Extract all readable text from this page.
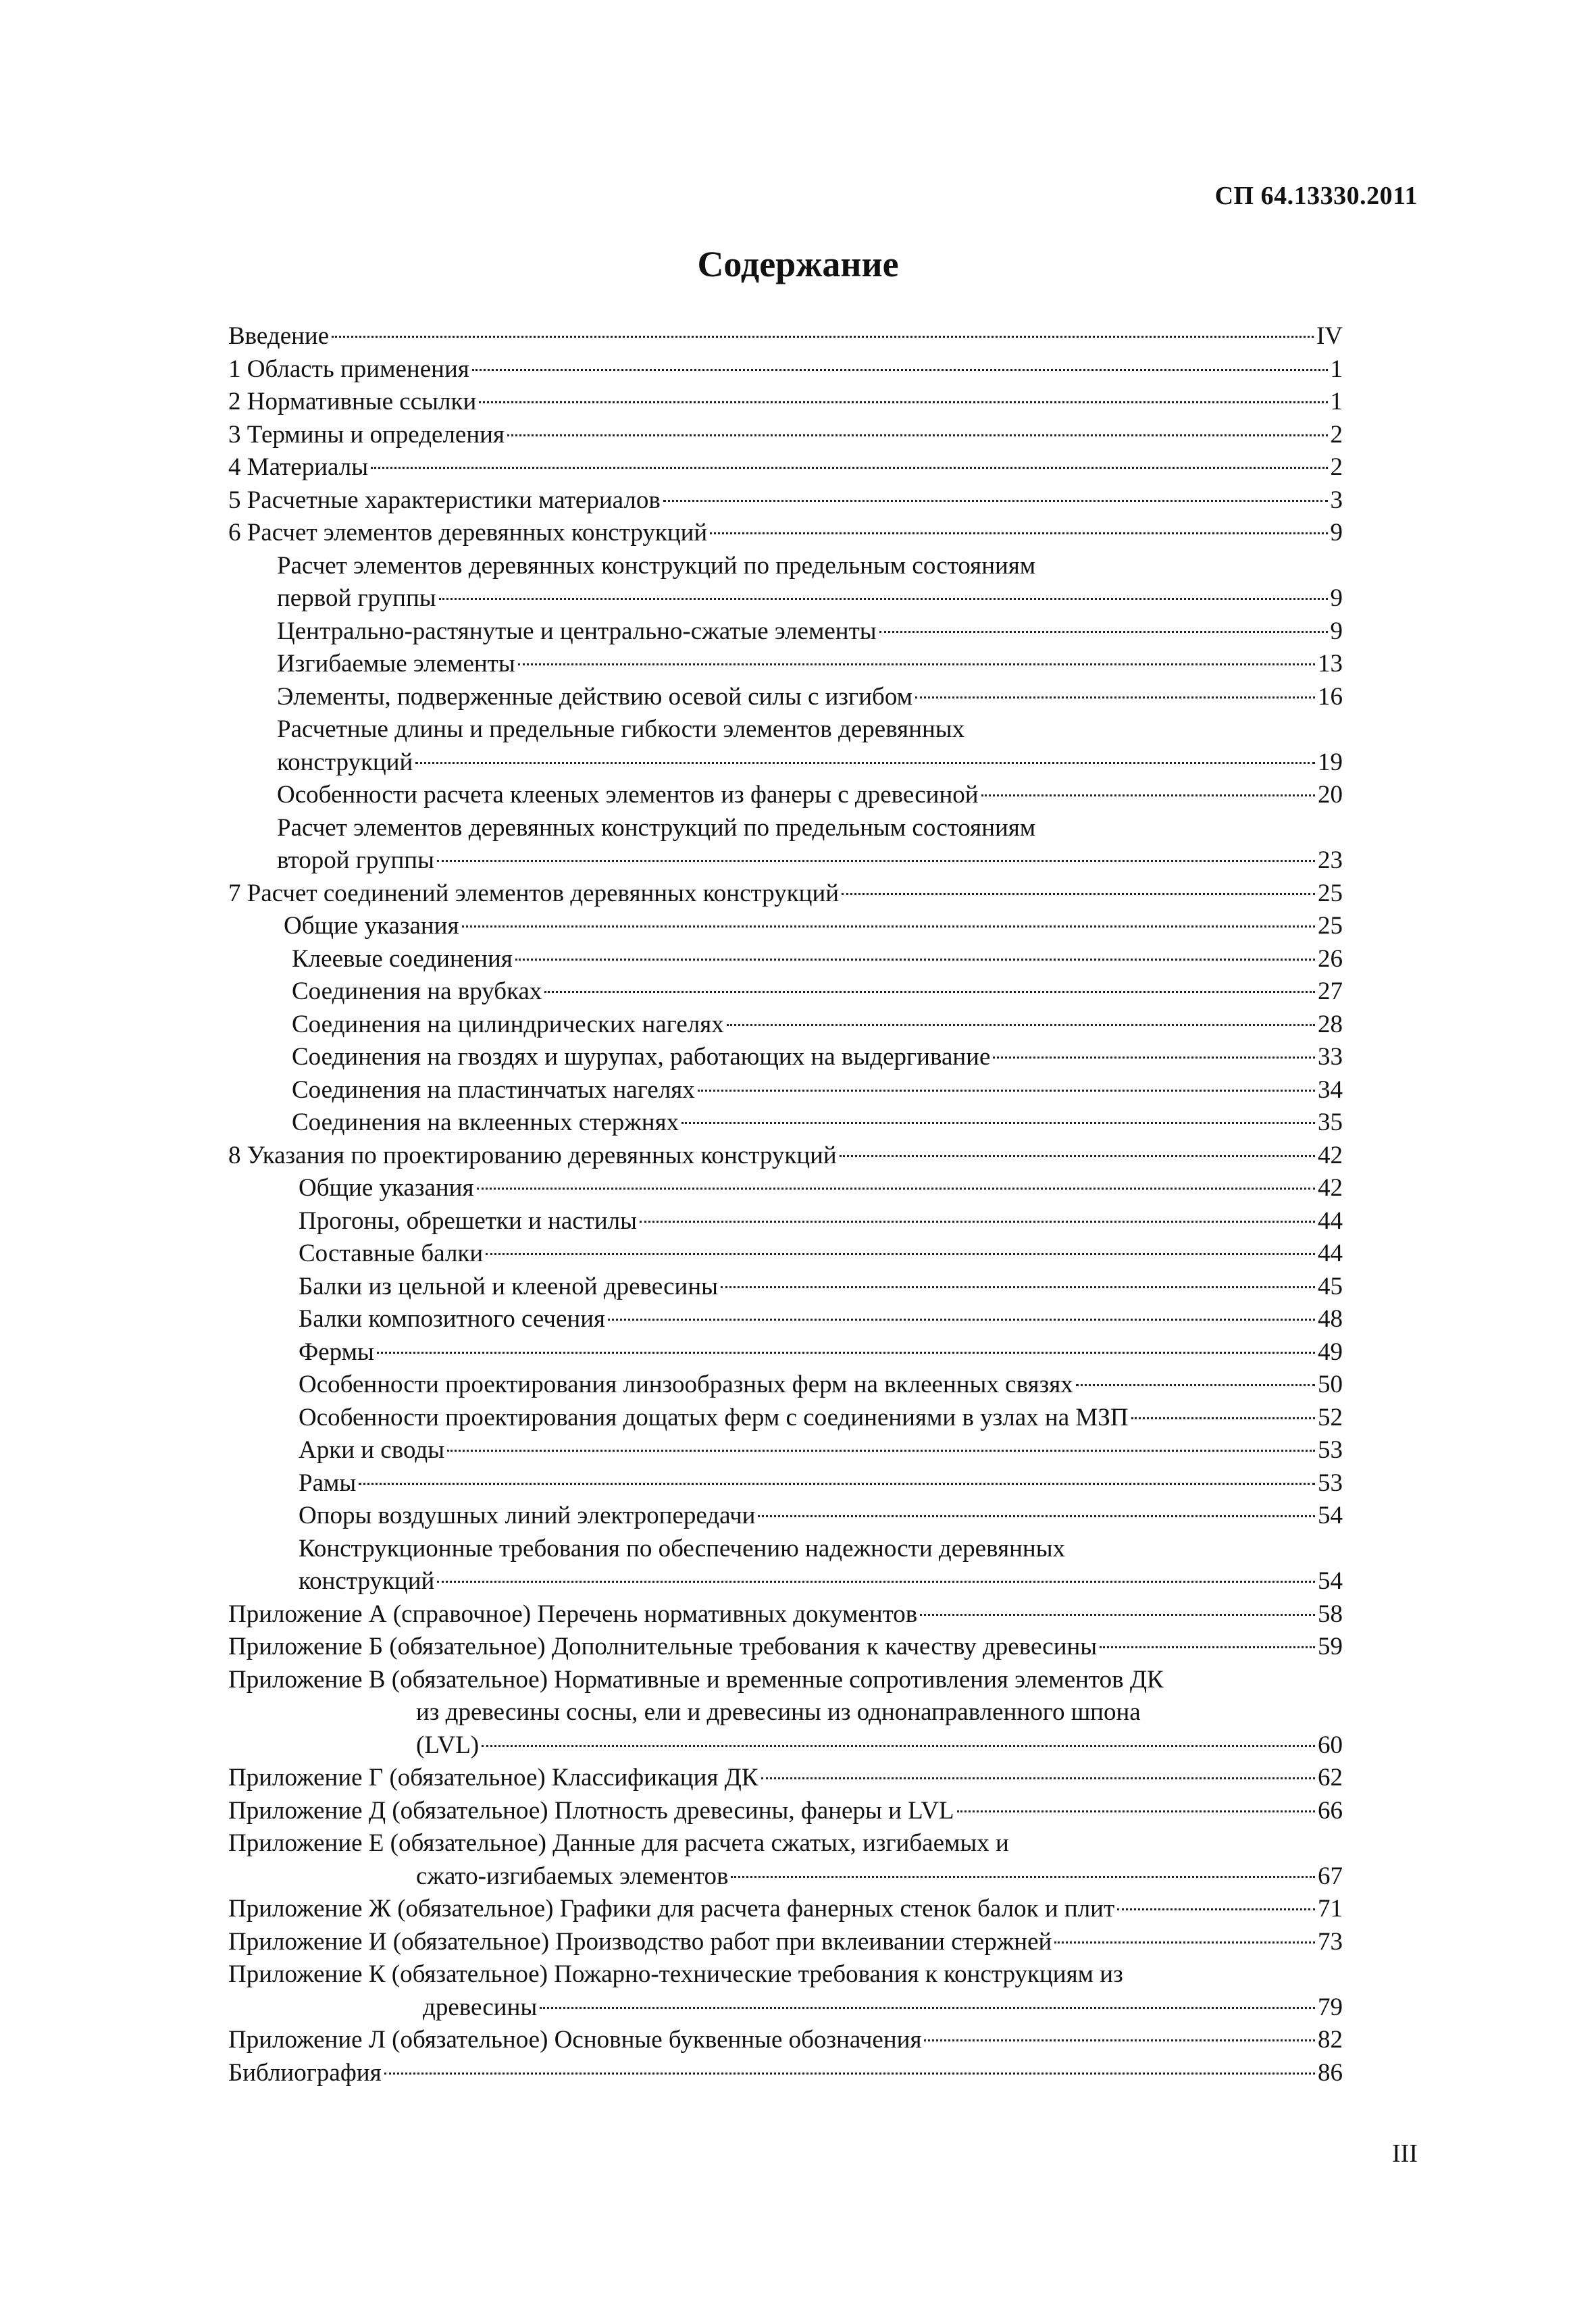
СП 64.13330.2011
Содержание
Введение	IV
1 Область применения	1
2 Нормативные ссылки	1
3 Термины и определения	2
4 Материалы	2
5 Расчетные характеристики материалов	3
6 Расчет элементов деревянных конструкций	9
Расчет элементов деревянных конструкций по предельным состояниям
первой группы	9
Центрально-растянутые и центрально-сжатые элементы	9
Изгибаемые элементы	13
Элементы, подверженные действию осевой силы с изгибом	16
Расчетные длины и предельные гибкости элементов деревянных
конструкций	19
Особенности расчета клееных элементов из фанеры с древесиной	20
Расчет элементов деревянных конструкций по предельным состояниям
второй группы	23
7 Расчет соединений элементов деревянных конструкций	25
Общие указания	25
Клеевые соединения	26
Соединения на врубках	27
Соединения на цилиндрических нагелях	28
Соединения на гвоздях и шурупах, работающих на выдергивание	33
Соединения на пластинчатых нагелях	34
Соединения на вклеенных стержнях	35
8 Указания по проектированию деревянных конструкций	42
Общие указания	42
Прогоны, обрешетки и настилы	44
Составные балки	44
Балки из цельной и клееной древесины	45
Балки композитного сечения	48
Фермы	49
Особенности проектирования линзообразных ферм на вклеенных связях	50
Особенности проектирования дощатых ферм с соединениями в узлах на МЗП	52
Арки и своды	53
Рамы	53
Опоры воздушных линий электропередачи	54
Конструкционные требования по обеспечению надежности деревянных
конструкций	54
Приложение А (справочное) Перечень нормативных документов	58
Приложение Б (обязательное) Дополнительные требования к качеству древесины	59
Приложение В (обязательное) Нормативные и временные сопротивления элементов ДК
из древесины сосны, ели и древесины из однонаправленного шпона
(LVL)	60
Приложение Г (обязательное) Классификация ДК	62
Приложение Д (обязательное) Плотность древесины, фанеры и LVL	66
Приложение Е (обязательное) Данные для расчета сжатых, изгибаемых и
сжато-изгибаемых элементов	67
Приложение Ж (обязательное) Графики для расчета фанерных стенок балок и плит	71
Приложение И (обязательное) Производство работ при вклеивании стержней	73
Приложение К (обязательное) Пожарно-технические требования к конструкциям из
древесины	79
Приложение Л (обязательное) Основные буквенные обозначения	82
Библиография	86
III
